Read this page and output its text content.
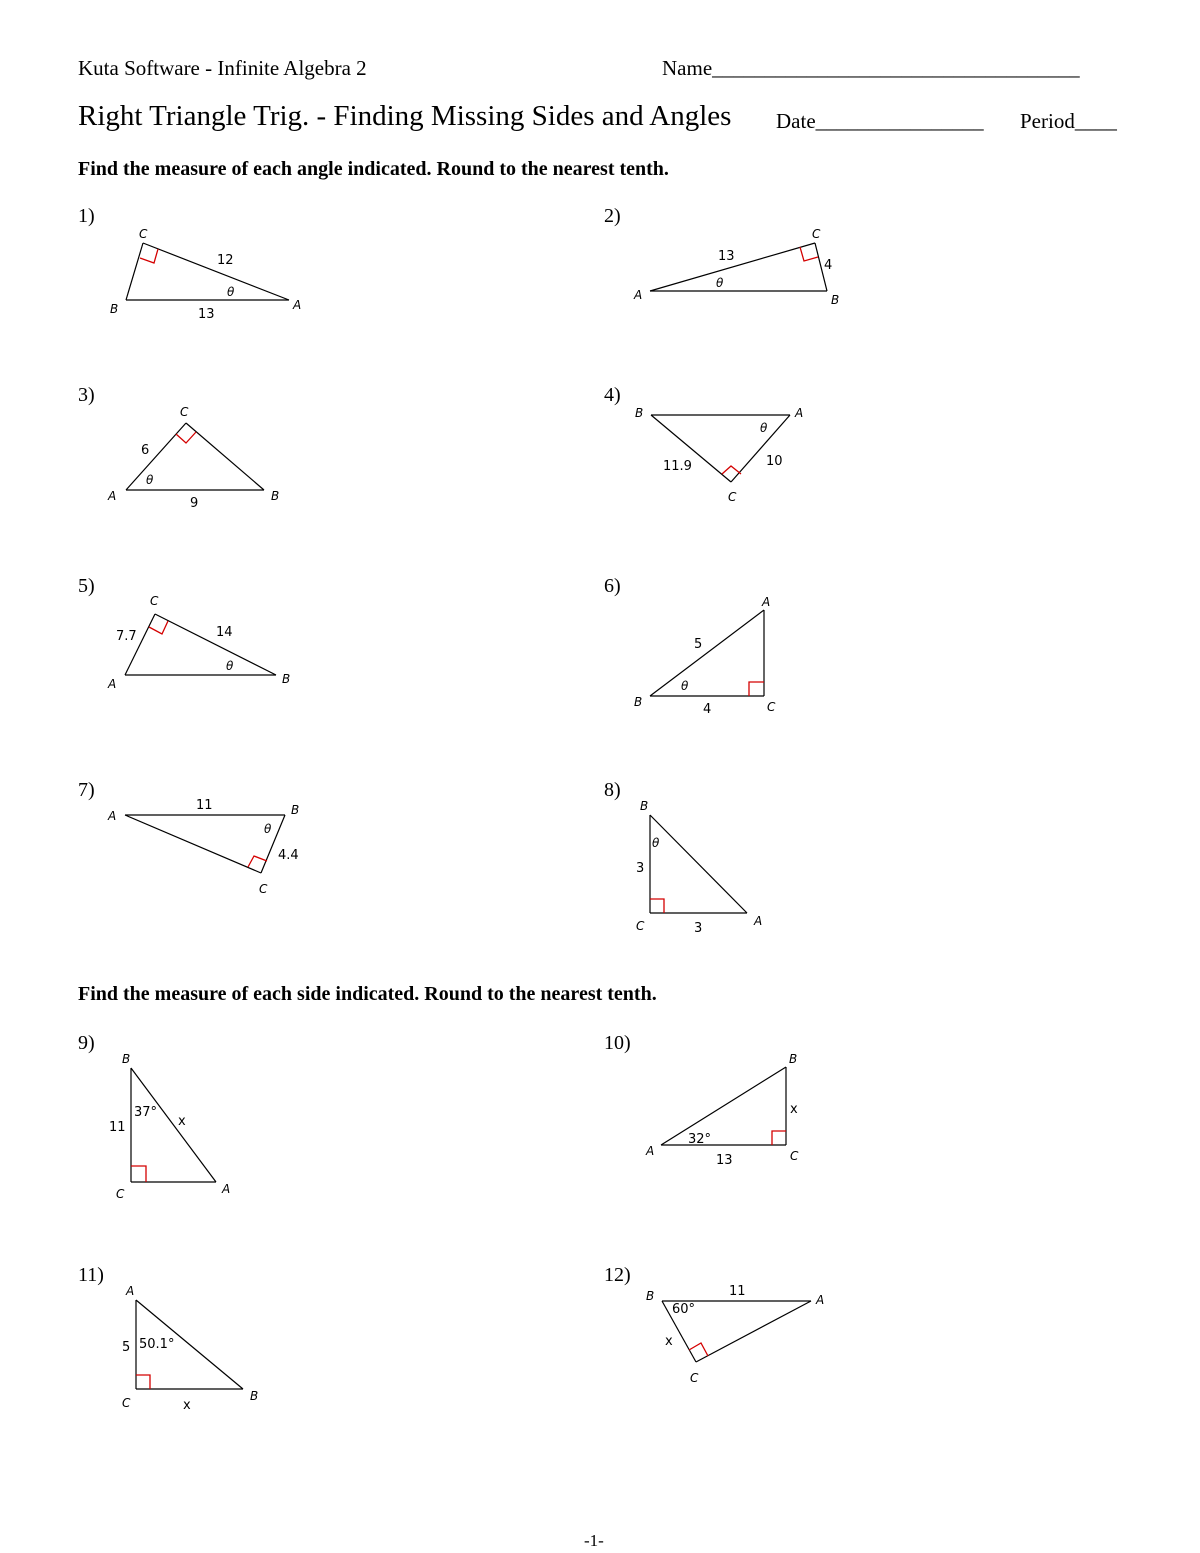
Kuta Software - Infinite Algebra 2	Name___________________________________
Right Triangle Trig. - Finding Missing Sides and Angles Date________________ Period____
Find the measure of each angle indicated. Round to the nearest tenth.
Find the measure of each side indicated. Round to the nearest tenth.
1)	2)
3)	4)
5)	6)
7)	8)
9)	10)
11)	12)
C
B	A
12
13
θ
C
A	B
13
4
θ
C
A	B
6
9
θ
B	A
C
11.9	10
θ
C
A	B
7.7	14
θ
A
B	C
5
4
θ
A	B
C
11
4.4
θ
B
C	A
3
3
θ
B
C	A
11	x
37°
B
A	C
x
13
32°
A
C	B
5
x
50.1°
B	A
C
11
x
60°
-1-
